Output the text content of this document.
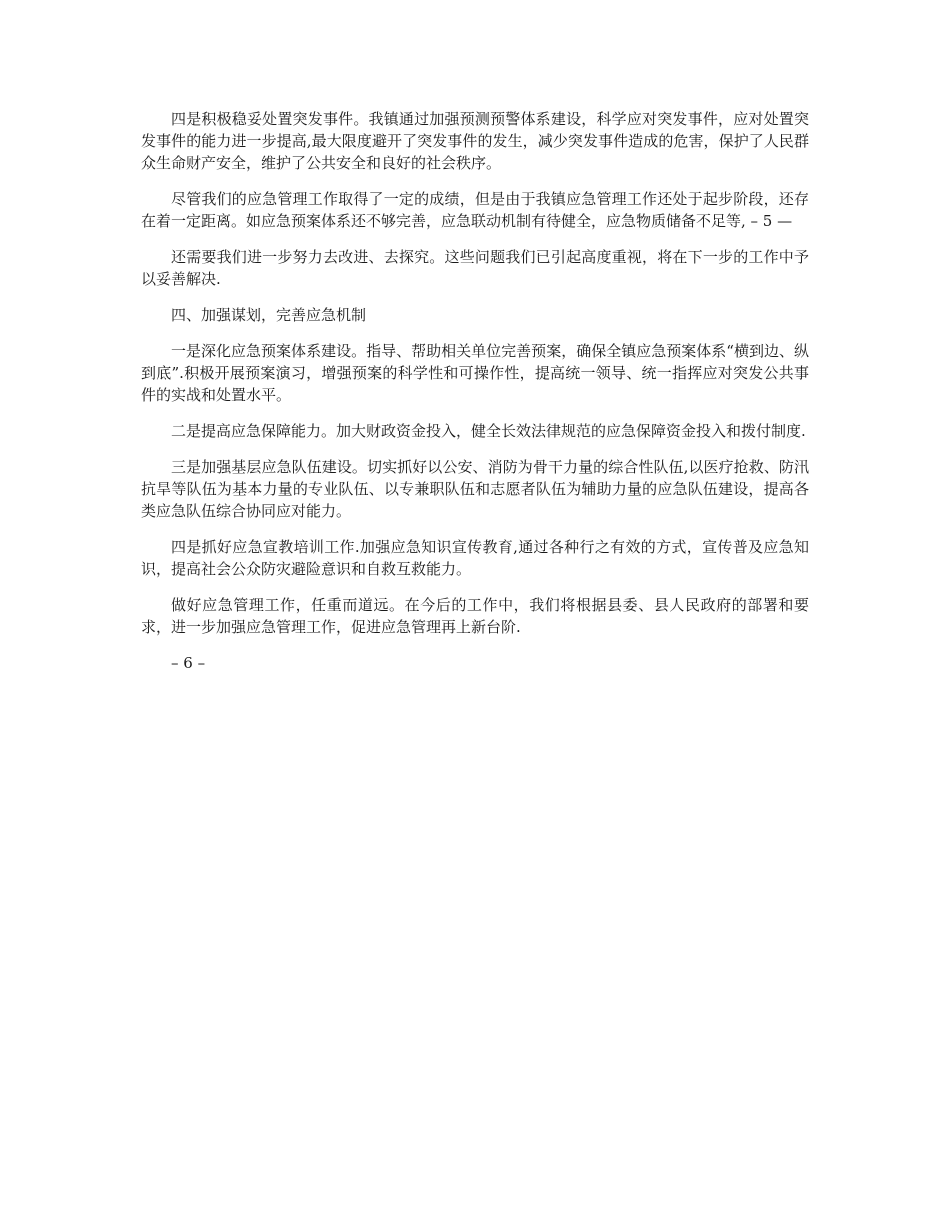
四是积极稳妥处置突发事件。我镇通过加强预测预警体系建设，科学应对突发事件，应对处置突发事件的能力进一步提高,最大限度避开了突发事件的发生，减少突发事件造成的危害，保护了人民群众生命财产安全，维护了公共安全和良好的社会秩序。

尽管我们的应急管理工作取得了一定的成绩，但是由于我镇应急管理工作还处于起步阶段，还存在着一定距离。如应急预案体系还不够完善，应急联动机制有待健全，应急物质储备不足等, – 5 —

还需要我们进一步努力去改进、去探究。这些问题我们已引起高度重视，将在下一步的工作中予以妥善解决.

四、加强谋划，完善应急机制

一是深化应急预案体系建设。指导、帮助相关单位完善预案，确保全镇应急预案体系“横到边、纵到底”.积极开展预案演习，增强预案的科学性和可操作性，提高统一领导、统一指挥应对突发公共事件的实战和处置水平。

二是提高应急保障能力。加大财政资金投入，健全长效法律规范的应急保障资金投入和拨付制度.

三是加强基层应急队伍建设。切实抓好以公安、消防为骨干力量的综合性队伍,以医疗抢救、防汛抗旱等队伍为基本力量的专业队伍、以专兼职队伍和志愿者队伍为辅助力量的应急队伍建设，提高各类应急队伍综合协同应对能力。

四是抓好应急宣教培训工作.加强应急知识宣传教育,通过各种行之有效的方式，宣传普及应急知识，提高社会公众防灾避险意识和自救互救能力。

做好应急管理工作，任重而道远。在今后的工作中，我们将根据县委、县人民政府的部署和要求，进一步加强应急管理工作，促进应急管理再上新台阶.

– 6 –
